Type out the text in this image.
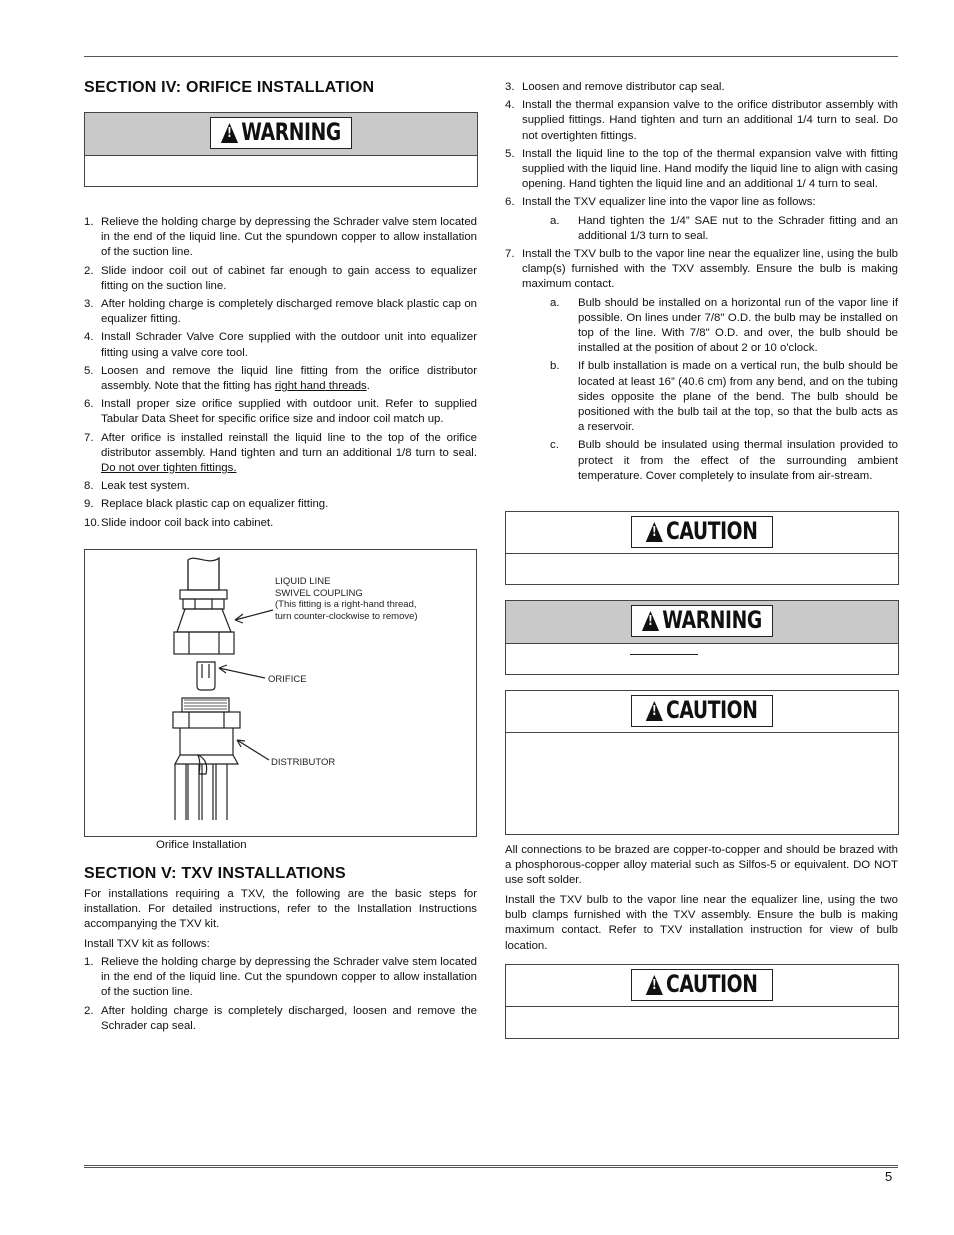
SECTION IV: ORIFICE INSTALLATION
!
WARNING
1. Relieve the holding charge by depressing the Schrader valve stem located in the end of the liquid line. Cut the spundown copper to allow installation of the suction line.
2. Slide indoor coil out of cabinet far enough to gain access to equalizer fitting on the suction line.
3. After holding charge is completely discharged remove black plastic cap on equalizer fitting.
4. Install Schrader Valve Core supplied with the outdoor unit into equalizer fitting using a valve core tool.
5. Loosen and remove the liquid line fitting from the orifice distributor assembly. Note that the fitting has right hand threads.
6. Install proper size orifice supplied with outdoor unit. Refer to supplied Tabular Data Sheet for specific orifice size and indoor coil match up.
7. After orifice is installed reinstall the liquid line to the top of the orifice distributor assembly. Hand tighten and turn an additional 1/8 turn to seal. Do not over tighten fittings.
8. Leak test system.
9. Replace black plastic cap on equalizer fitting.
10. Slide indoor coil back into cabinet.
LIQUID LINE
SWIVEL COUPLING
(This fitting is a right-hand thread,
turn counter-clockwise to remove)
ORIFICE
DISTRIBUTOR
Orifice Installation
SECTION V: TXV INSTALLATIONS
For installations requiring a TXV, the following are the basic steps for installation. For detailed instructions, refer to the Installation Instructions accompanying the TXV kit.
Install TXV kit as follows:
1. Relieve the holding charge by depressing the Schrader valve stem located in the end of the liquid line. Cut the spundown copper to allow installation of the suction line.
2. After holding charge is completely discharged, loosen and remove the Schrader cap seal.
3. Loosen and remove distributor cap seal.
4. Install the thermal expansion valve to the orifice distributor assembly with supplied fittings. Hand tighten and turn an additional 1/4 turn to seal. Do not overtighten fittings.
5. Install the liquid line to the top of the thermal expansion valve with fitting supplied with the liquid line. Hand modify the liquid line to align with casing opening. Hand tighten the liquid line and an additional 1/ 4 turn to seal.
6. Install the TXV equalizer line into the vapor line as follows:
a. Hand tighten the 1/4” SAE nut to the Schrader fitting and an additional 1/3 turn to seal.
7. Install the TXV bulb to the vapor line near the equalizer line, using the bulb clamp(s) furnished with the TXV assembly. Ensure the bulb is making maximum contact.
a. Bulb should be installed on a horizontal run of the vapor line if possible. On lines under 7/8" O.D. the bulb may be installed on top of the line. With 7/8" O.D. and over, the bulb should be installed at the position of about 2 or 10 o'clock.
b. If bulb installation is made on a vertical run, the bulb should be located at least 16” (40.6 cm) from any bend, and on the tubing sides opposite the plane of the bend. The bulb should be positioned with the bulb tail at the top, so that the bulb acts as a reservoir.
c. Bulb should be insulated using thermal insulation provided to protect it from the effect of the surrounding ambient temperature. Cover completely to insulate from air-stream.
!
CAUTION
!
WARNING
!
CAUTION
All connections to be brazed are copper-to-copper and should be brazed with a phosphorous-copper alloy material such as Silfos-5 or equivalent. DO NOT use soft solder.
Install the TXV bulb to the vapor line near the equalizer line, using the two bulb clamps furnished with the TXV assembly. Ensure the bulb is making maximum contact. Refer to TXV installation instruction for view of bulb location.
!
CAUTION
5
